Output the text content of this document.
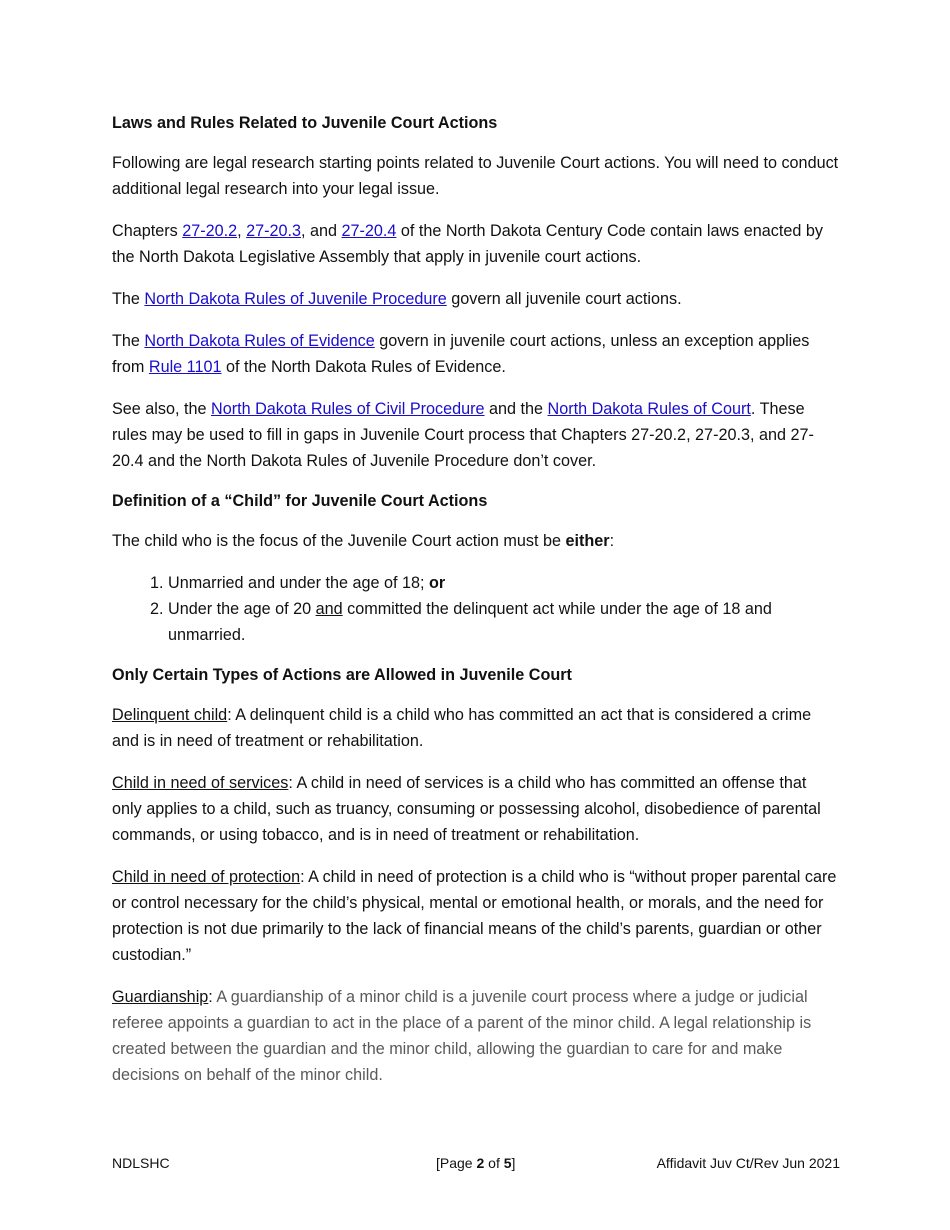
Laws and Rules Related to Juvenile Court Actions

Following are legal research starting points related to Juvenile Court actions. You will need to conduct additional legal research into your legal issue.

Chapters 27-20.2, 27-20.3, and 27-20.4 of the North Dakota Century Code contain laws enacted by the North Dakota Legislative Assembly that apply in juvenile court actions.

The North Dakota Rules of Juvenile Procedure govern all juvenile court actions.

The North Dakota Rules of Evidence govern in juvenile court actions, unless an exception applies from Rule 1101 of the North Dakota Rules of Evidence.

See also, the North Dakota Rules of Civil Procedure and the North Dakota Rules of Court. These rules may be used to fill in gaps in Juvenile Court process that Chapters 27-20.2, 27-20.3, and 27-20.4 and the North Dakota Rules of Juvenile Procedure don’t cover.

Definition of a “Child” for Juvenile Court Actions

The child who is the focus of the Juvenile Court action must be either:

1. Unmarried and under the age of 18; or
2. Under the age of 20 and committed the delinquent act while under the age of 18 and unmarried.
Only Certain Types of Actions are Allowed in Juvenile Court

Delinquent child: A delinquent child is a child who has committed an act that is considered a crime and is in need of treatment or rehabilitation.

Child in need of services: A child in need of services is a child who has committed an offense that only applies to a child, such as truancy, consuming or possessing alcohol, disobedience of parental commands, or using tobacco, and is in need of treatment or rehabilitation.

Child in need of protection: A child in need of protection is a child who is “without proper parental care or control necessary for the child’s physical, mental or emotional health, or morals, and the need for protection is not due primarily to the lack of financial means of the child’s parents, guardian or other custodian.”

Guardianship: A guardianship of a minor child is a juvenile court process where a judge or judicial referee appoints a guardian to act in the place of a parent of the minor child. A legal relationship is created between the guardian and the minor child, allowing the guardian to care for and make decisions on behalf of the minor child.

NDLSHC	[Page 2 of 5]	Affidavit Juv Ct/Rev Jun 2021
